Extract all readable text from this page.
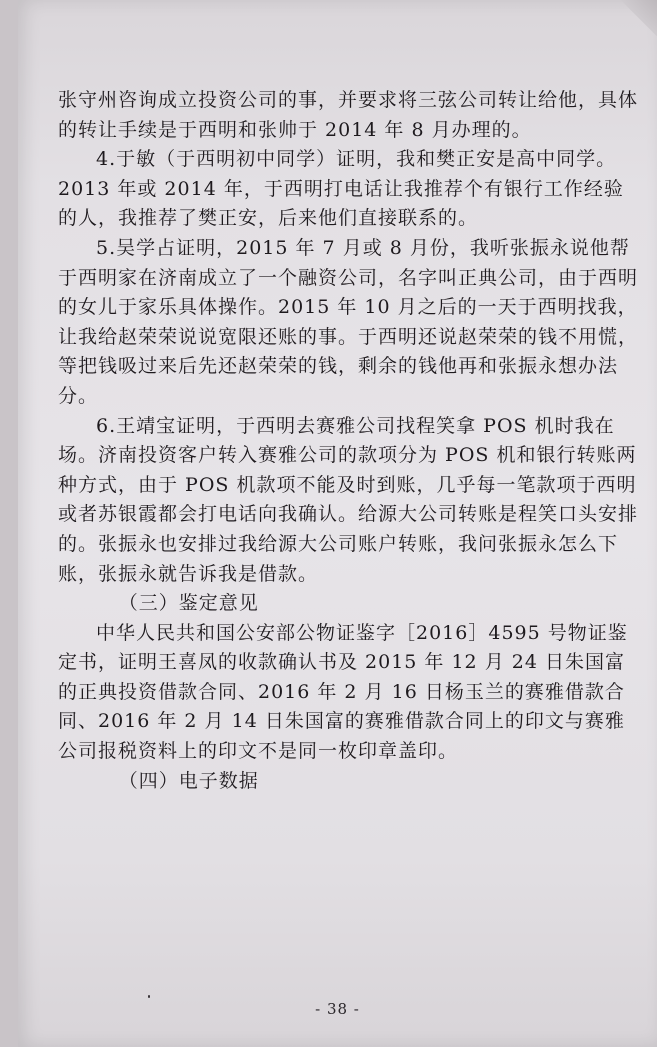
张守州咨询成立投资公司的事，并要求将三弦公司转让给他，具体的转让手续是于西明和张帅于 2014 年 8 月办理的。

4.于敏（于西明初中同学）证明，我和樊正安是高中同学。2013 年或 2014 年，于西明打电话让我推荐个有银行工作经验的人，我推荐了樊正安，后来他们直接联系的。

5.吴学占证明，2015 年 7 月或 8 月份，我听张振永说他帮于西明家在济南成立了一个融资公司，名字叫正典公司，由于西明的女儿于家乐具体操作。2015 年 10 月之后的一天于西明找我，让我给赵荣荣说说宽限还账的事。于西明还说赵荣荣的钱不用慌，等把钱吸过来后先还赵荣荣的钱，剩余的钱他再和张振永想办法分。

6.王靖宝证明，于西明去赛雅公司找程笑拿 POS 机时我在场。济南投资客户转入赛雅公司的款项分为 POS 机和银行转账两种方式，由于 POS 机款项不能及时到账，几乎每一笔款项于西明或者苏银霞都会打电话向我确认。给源大公司转账是程笑口头安排的。张振永也安排过我给源大公司账户转账，我问张振永怎么下账，张振永就告诉我是借款。

（三）鉴定意见

中华人民共和国公安部公物证鉴字［2016］4595 号物证鉴定书，证明王喜凤的收款确认书及 2015 年 12 月 24 日朱国富的正典投资借款合同、2016 年 2 月 16 日杨玉兰的赛雅借款合同、2016 年 2 月 14 日朱国富的赛雅借款合同上的印文与赛雅公司报税资料上的印文不是同一枚印章盖印。

（四）电子数据

- 38 -
